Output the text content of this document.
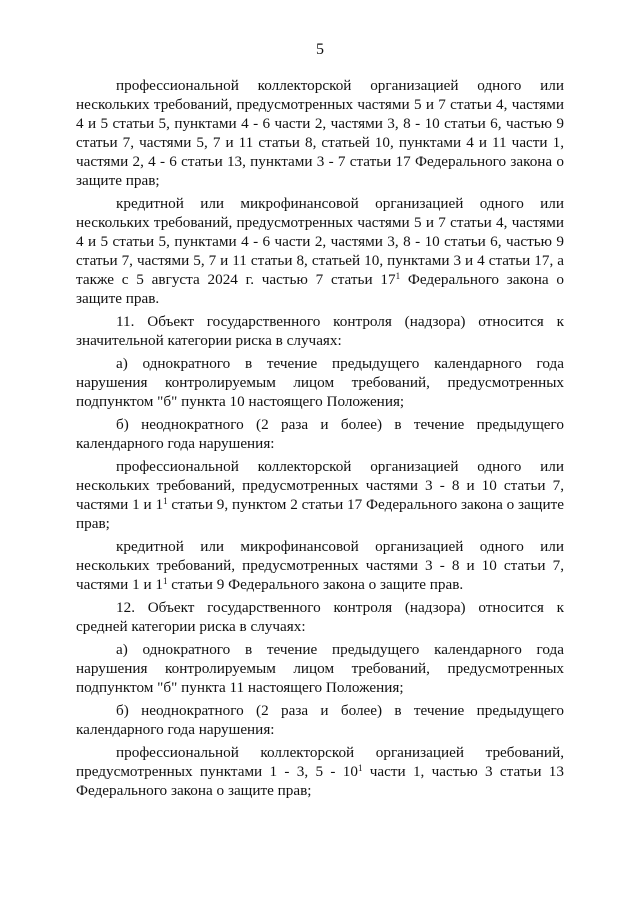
5

профессиональной коллекторской организацией одного или нескольких требований, предусмотренных частями 5 и 7 статьи 4, частями 4 и 5 статьи 5, пунктами 4 - 6 части 2, частями 3, 8 - 10 статьи 6, частью 9 статьи 7, частями 5, 7 и 11 статьи 8, статьей 10, пунктами 4 и 11 части 1, частями 2, 4 - 6 статьи 13, пунктами 3 - 7 статьи 17 Федерального закона о защите прав;

кредитной или микрофинансовой организацией одного или нескольких требований, предусмотренных частями 5 и 7 статьи 4, частями 4 и 5 статьи 5, пунктами 4 - 6 части 2, частями 3, 8 - 10 статьи 6, частью 9 статьи 7, частями 5, 7 и 11 статьи 8, статьей 10, пунктами 3 и 4 статьи 17, а также с 5 августа 2024 г. частью 7 статьи $17^1$ Федерального закона о защите прав.

11. Объект государственного контроля (надзора) относится к значительной категории риска в случаях:

а) однократного в течение предыдущего календарного года нарушения контролируемым лицом требований, предусмотренных подпунктом "б" пункта 10 настоящего Положения;

б) неоднократного (2 раза и более) в течение предыдущего календарного года нарушения:

профессиональной коллекторской организацией одного или нескольких требований, предусмотренных частями 3 - 8 и 10 статьи 7, частями 1 и $1^1$ статьи 9, пунктом 2 статьи 17 Федерального закона о защите прав;

кредитной или микрофинансовой организацией одного или нескольких требований, предусмотренных частями 3 - 8 и 10 статьи 7, частями 1 и $1^1$ статьи 9 Федерального закона о защите прав.

12. Объект государственного контроля (надзора) относится к средней категории риска в случаях:

а) однократного в течение предыдущего календарного года нарушения контролируемым лицом требований, предусмотренных подпунктом "б" пункта 11 настоящего Положения;

б) неоднократного (2 раза и более) в течение предыдущего календарного года нарушения:

профессиональной коллекторской организацией требований, предусмотренных пунктами 1 - 3, $5 - 10^1$ части 1, частью 3 статьи 13 Федерального закона о защите прав;
